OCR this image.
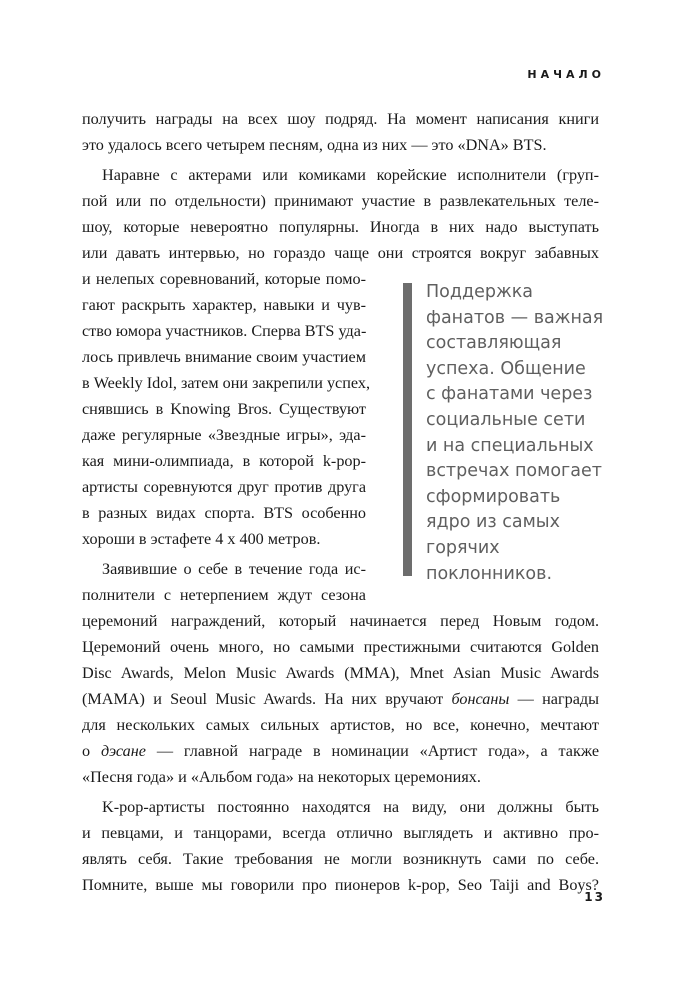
НАЧАЛО
получить награды на всех шоу подряд. На момент написания книги
это удалось всего четырем песням, одна из них — это «DNA» BTS.
Наравне с актерами или комиками корейские исполнители (груп-
пой или по отдельности) принимают участие в развлекательных теле-
шоу, которые невероятно популярны. Иногда в них надо выступать
или давать интервью, но гораздо чаще они строятся вокруг забавных
и нелепых соревнований, которые помо-
гают раскрыть характер, навыки и чув-
ство юмора участников. Сперва BTS уда-
лось привлечь внимание своим участием
в Weekly Idol, затем они закрепили успех,
снявшись в Knowing Bros. Существуют
даже регулярные «Звездные игры», эда-
кая мини-олимпиада, в которой k-pop-
артисты соревнуются друг против друга
в разных видах спорта. BTS особенно
хороши в эстафете 4 х 400 метров.
Заявившие о себе в течение года ис-
полнители с нетерпением ждут сезона
церемоний награждений, который начинается перед Новым годом.
Церемоний очень много, но самыми престижными считаются Golden
Disc Awards, Melon Music Awards (MMA), Mnet Asian Music Awards
(MAMA) и Seoul Music Awards. На них вручают бонсаны — награды
для нескольких самых сильных артистов, но все, конечно, мечтают
о дэсане — главной награде в номинации «Артист года», а также
«Песня года» и «Альбом года» на некоторых церемониях.
K-pop-артисты постоянно находятся на виду, они должны быть
и певцами, и танцорами, всегда отлично выглядеть и активно про-
являть себя. Такие требования не могли возникнуть сами по себе.
Помните, выше мы говорили про пионеров k-pop, Seo Taiji and Boys?
Поддержка
фанатов — важная
составляющая
успеха. Общение
с фанатами через
социальные сети
и на специальных
встречах помогает
сформировать
ядро из самых
горячих
поклонников.
13
